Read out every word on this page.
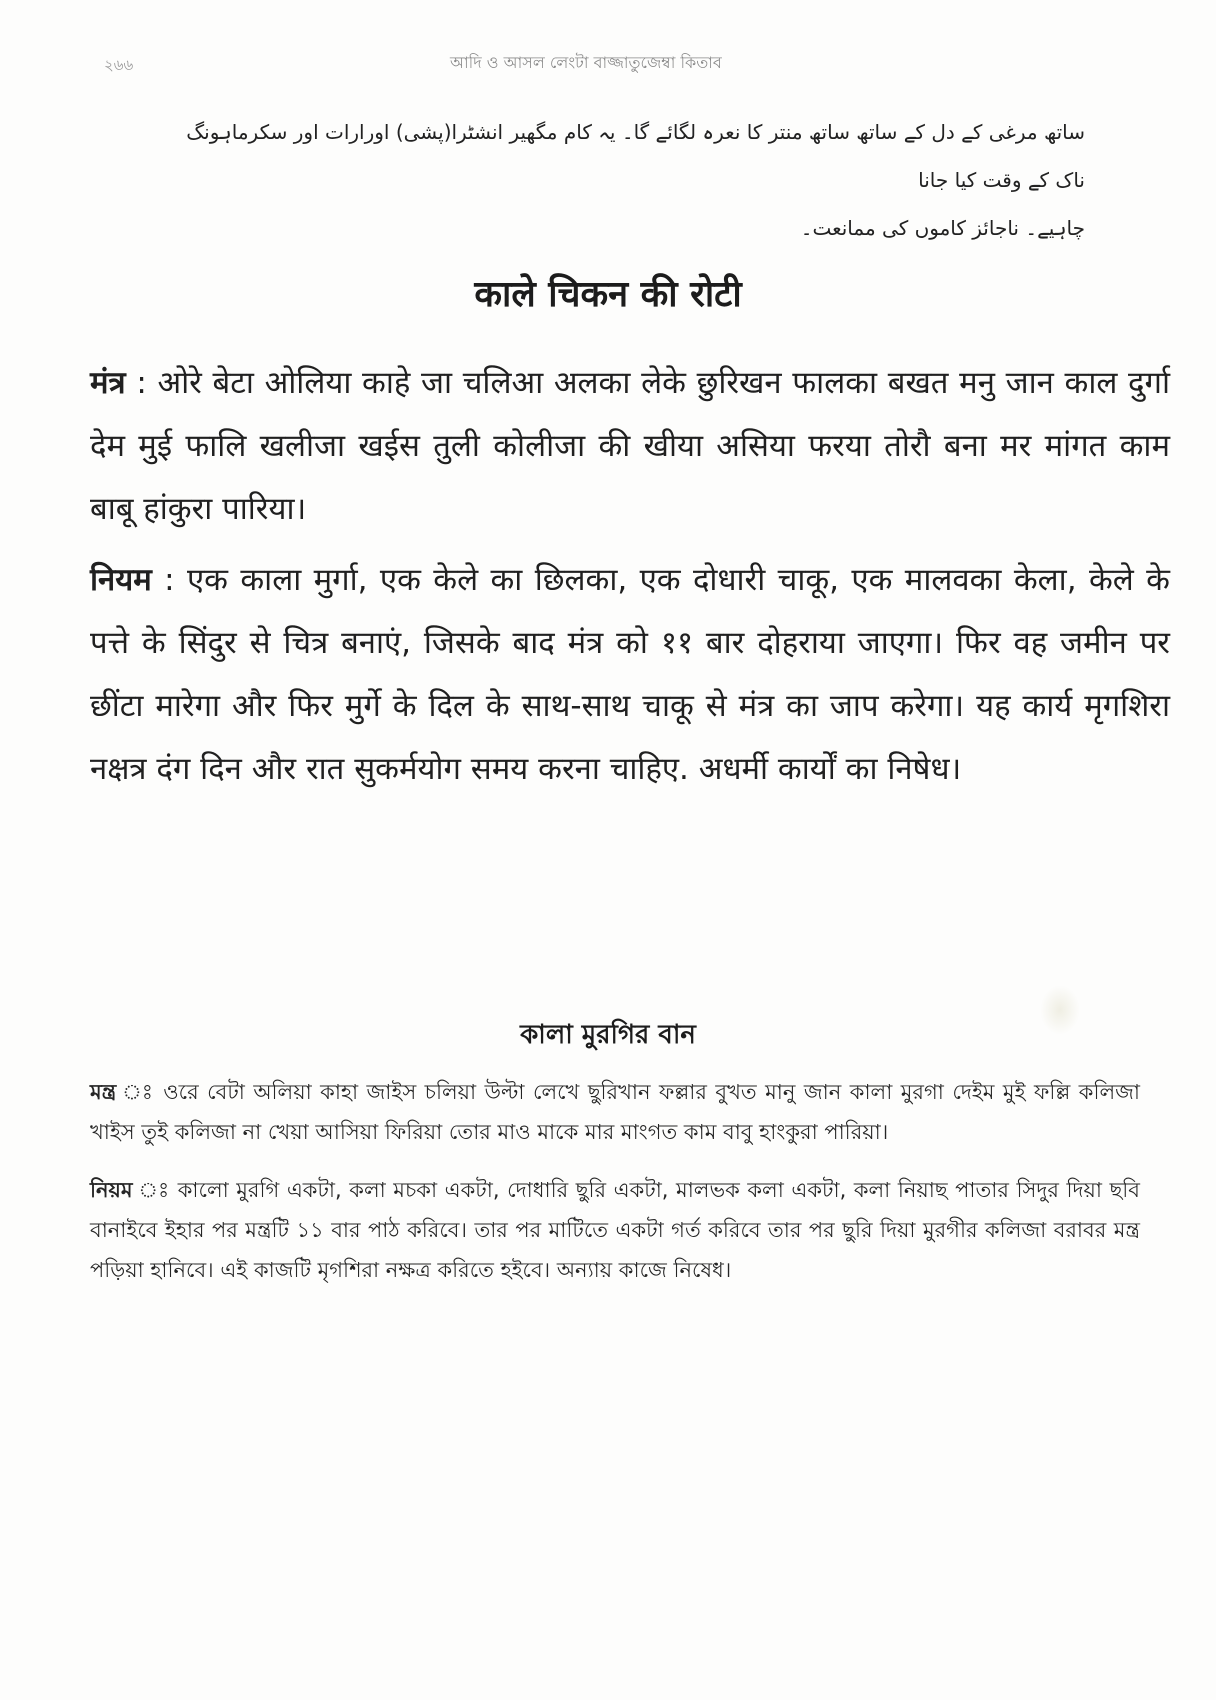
২৬৬	আদি ও আসল লেংটা বাজ্জাতুজেম্বা কিতাব

ساتھ مرغی کے دل کے ساتھ ساتھ منتر کا نعرہ لگائے گا۔ یہ کام مگھیر انشٹرا(پشی) اورارات اور سکرماہونگ ناک کے وقت کیا جانا

چاہیے۔ ناجائز کاموں کی ممانعت۔

काले चिकन की रोटी

मंत्र : ओरे बेटा ओलिया काहे जा चलिआ अलका लेके छुरिखन फालका बखत मनु जान काल दुर्गा देम मुई फालि खलीजा खईस तुली कोलीजा की खीया असिया फरया तोरौ बना मर मांगत काम बाबू हांकुरा पारिया।

नियम : एक काला मुर्गा, एक केले का छिलका, एक दोधारी चाकू, एक मालवका केला, केले के पत्ते के सिंदुर से चित्र बनाएं, जिसके बाद मंत्र को ११ बार दोहराया जाएगा। फिर वह जमीन पर छींटा मारेगा और फिर मुर्गे के दिल के साथ-साथ चाकू से मंत्र का जाप करेगा। यह कार्य मृगशिरा नक्षत्र दंग दिन और रात सुकर्मयोग समय करना चाहिए. अधर्मी कार्यों का निषेध।

কালা মুরগির বান

মন্ত্র ঃ ওরে বেটা অলিয়া কাহা জাইস চলিয়া উল্টা লেখে ছুরিখান ফল্লার বুখত মানু জান কালা মুরগা দেইম মুই ফল্লি কলিজা খাইস তুই কলিজা না খেয়া আসিয়া ফিরিয়া তোর মাও মাকে মার মাংগত কাম বাবু হাংকুরা পারিয়া।

নিয়ম ঃ কালো মুরগি একটা, কলা মচকা একটা, দোধারি ছুরি একটা, মালভক কলা একটা, কলা নিয়াছ পাতার সিদুর দিয়া ছবি বানাইবে ইহার পর মন্ত্রটি ১১ বার পাঠ করিবে। তার পর মাটিতে একটা গর্ত করিবে তার পর ছুরি দিয়া মুরগীর কলিজা বরাবর মন্ত্র পড়িয়া হানিবে। এই কাজটি মৃগশিরা নক্ষত্র করিতে হইবে। অন্যায় কাজে নিষেধ।
